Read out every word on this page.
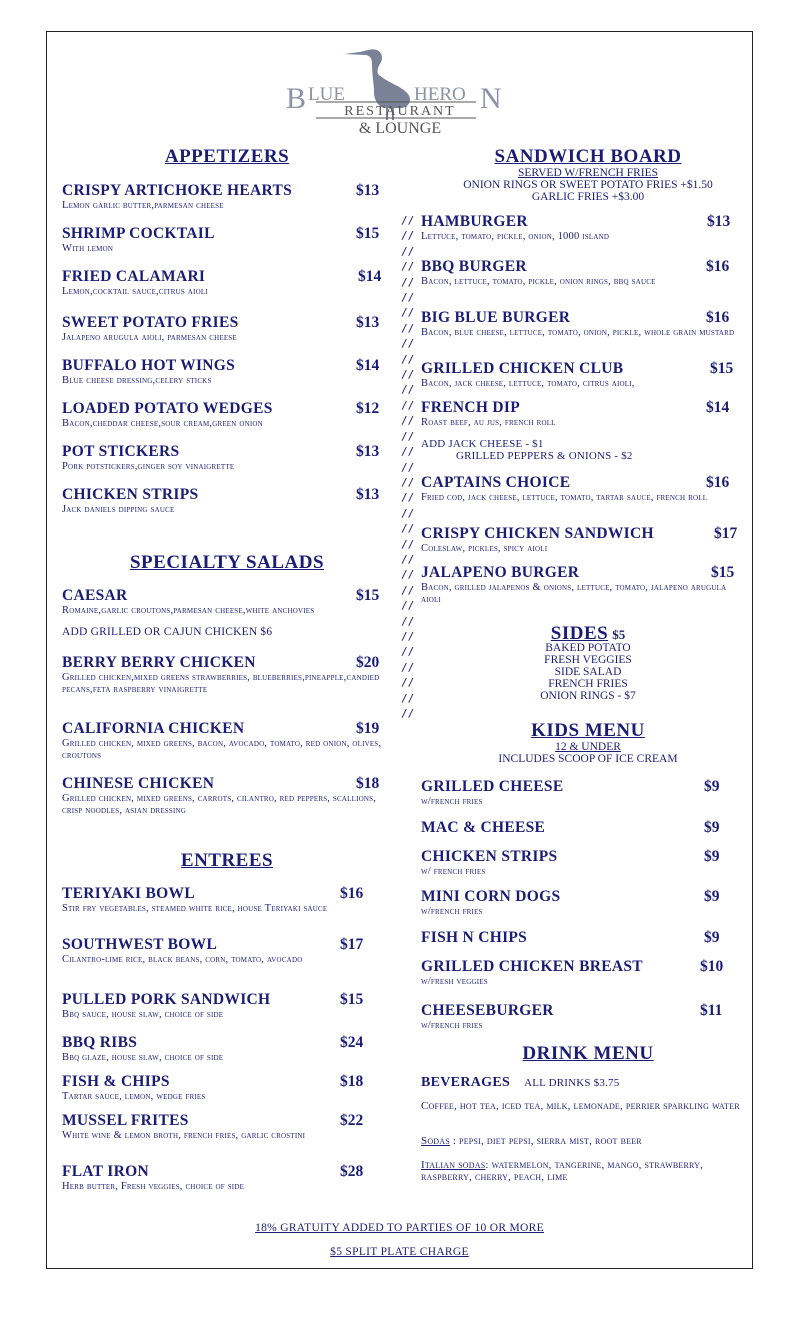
B LUE	HERO N
RESTAURANT
& LOUNGE
//
//
//
//
//
//
//
//
//
//
//
//
//
//
//
//
//
//
//
//
//
//
//
//
//
//
//
//
//
//
//
//
//
APPETIZERS
CRISPY ARTICHOKE HEARTS	$13
Lemon garlic butter,parmesan cheese
SHRIMP COCKTAIL	$15
With lemon
FRIED CALAMARI	$14
Lemon,cocktail sauce,citrus aioli
SWEET POTATO FRIES	$13
Jalapeno arugula aioli, parmesan cheese
BUFFALO HOT WINGS	$14
Blue cheese dressing,celery sticks
LOADED POTATO WEDGES	$12
Bacon,cheddar cheese,sour cream,green onion
POT STICKERS	$13
Pork potstickers,ginger soy vinaigrette
CHICKEN STRIPS	$13
Jack daniels dipping sauce
SPECIALTY SALADS
CAESAR	$15
Romaine,garlic croutons,parmesan cheese,white anchovies
BERRY BERRY CHICKEN	$20
Grilled chicken,mixed greens strawberries, blueberries,pineapple,candied pecans,feta raspberry vinaigrette
CALIFORNIA CHICKEN	$19
Grilled chicken, mixed greens, bacon, avocado, tomato, red onion, olives, croutons
CHINESE CHICKEN	$18
Grilled chicken, mixed greens, carrots, cilantro, red peppers, scallions, crisp noodles, asian dressing
ADD GRILLED OR CAJUN CHICKEN $6
ENTREES
TERIYAKI BOWL	$16
Stir fry vegetables, steamed white rice, house Teriyaki sauce
SOUTHWEST BOWL	$17
Cilantro-lime rice, black beans, corn, tomato, avocado
PULLED PORK SANDWICH	$15
Bbq sauce, house slaw, choice of side
BBQ RIBS	$24
Bbq glaze, house slaw, choice of side
FISH & CHIPS	$18
Tartar sauce, lemon, wedge fries
MUSSEL FRITES	$22
White wine & lemon broth, french fries, garlic crostini
FLAT IRON	$28
Herb butter, Fresh veggies, choice of side
SANDWICH BOARD
SERVED W/FRENCH FRIES
ONION RINGS OR SWEET POTATO FRIES +$1.50
GARLIC FRIES +$3.00
HAMBURGER	$13
Lettuce, tomato, pickle, onion, 1000 island
BBQ BURGER	$16
Bacon, lettuce, tomato, pickle, onion rings, bbq sauce
BIG BLUE BURGER	$16
Bacon, blue cheese, lettuce, tomato, onion, pickle, whole grain mustard
GRILLED CHICKEN CLUB	$15
Bacon, jack cheese, lettuce, tomato, citrus aioli,
FRENCH DIP	$14
Roast beef, au jus, french roll
CAPTAINS CHOICE	$16
Fried cod, jack cheese, lettuce, tomato, tartar sauce, french roll
CRISPY CHICKEN SANDWICH	$17
Coleslaw, pickles, spicy aioli
JALAPENO BURGER	$15
Bacon, grilled jalapenos & onions, lettuce, tomato, jalapeno arugula aioli
ADD JACK CHEESE - $1
GRILLED PEPPERS & ONIONS - $2
SIDES $5
BAKED POTATO
FRESH VEGGIES
SIDE SALAD
FRENCH FRIES
ONION RINGS - $7
KIDS MENU
12 & UNDER
INCLUDES SCOOP OF ICE CREAM
GRILLED CHEESE	$9
w/french fries
MAC & CHEESE	$9
CHICKEN STRIPS	$9
w/ french fries
MINI CORN DOGS	$9
w/french fries
FISH N CHIPS	$9
GRILLED CHICKEN BREAST	$10
w/fresh veggies
CHEESEBURGER	$11
w/french fries
DRINK MENU
BEVERAGES ALL DRINKS $3.75
Coffee, hot tea, iced tea, milk, lemonade, perrier sparkling water
Sodas : pepsi, diet pepsi, sierra mist, root beer
Italian sodas: watermelon, tangerine, mango, strawberry, raspberry, cherry, peach, lime
18% GRATUITY ADDED TO PARTIES OF 10 OR MORE
$5 SPLIT PLATE CHARGE
